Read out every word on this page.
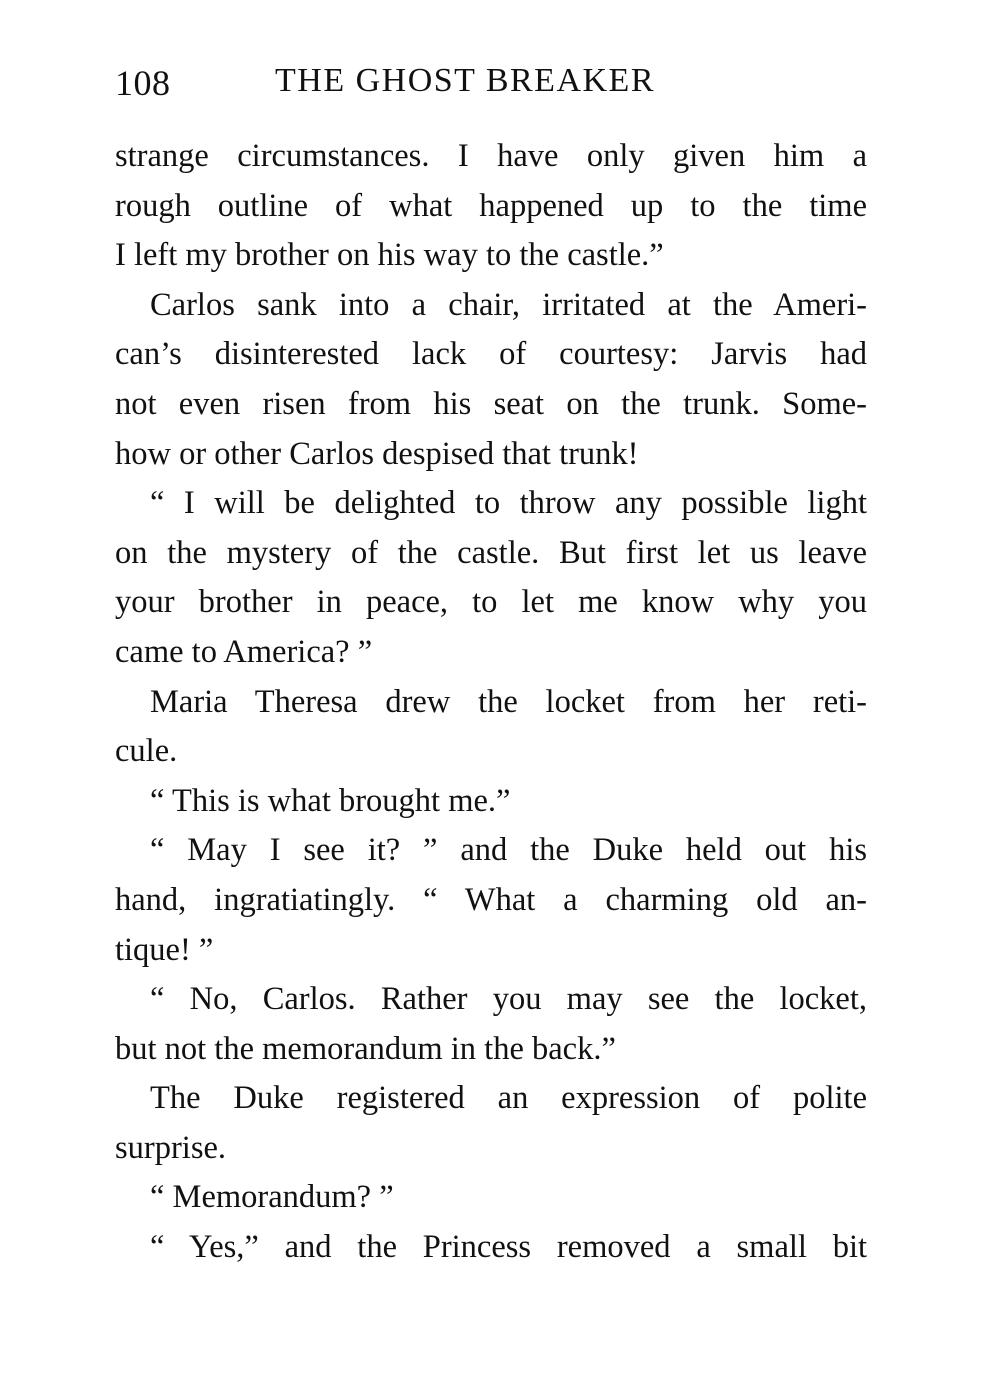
108	THE GHOST BREAKER
strange circumstances. I have only given him a
rough outline of what happened up to the time
I left my brother on his way to the castle.”
Carlos sank into a chair, irritated at the Ameri-
can’s disinterested lack of courtesy: Jarvis had
not even risen from his seat on the trunk. Some-
how or other Carlos despised that trunk!
“ I will be delighted to throw any possible light
on the mystery of the castle. But first let us leave
your brother in peace, to let me know why you
came to America? ”
Maria Theresa drew the locket from her reti-
cule.
“ This is what brought me.”
“ May I see it? ” and the Duke held out his
hand, ingratiatingly. “ What a charming old an-
tique! ”
“ No, Carlos. Rather you may see the locket,
but not the memorandum in the back.”
The Duke registered an expression of polite
surprise.
“ Memorandum? ”
“ Yes,” and the Princess removed a small bit
